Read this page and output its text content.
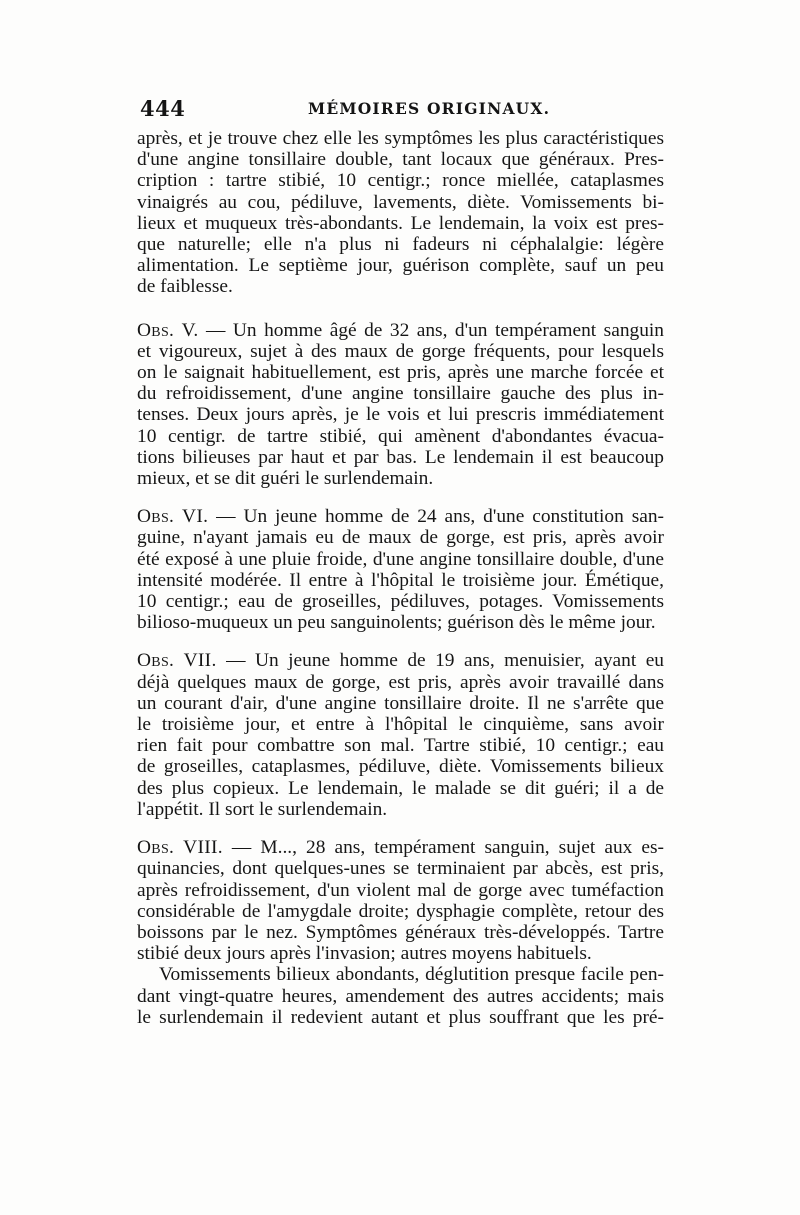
444	MÉMOIRES ORIGINAUX.

après, et je trouve chez elle les symptômes les plus caractéristiques
d'une angine tonsillaire double, tant locaux que généraux. Pres-
cription : tartre stibié, 10 centigr.; ronce miellée, cataplasmes
vinaigrés au cou, pédiluve, lavements, diète. Vomissements bi-
lieux et muqueux très-abondants. Le lendemain, la voix est pres-
que naturelle; elle n'a plus ni fadeurs ni céphalalgie: légère
alimentation. Le septième jour, guérison complète, sauf un peu
de faiblesse.

Obs. V. — Un homme âgé de 32 ans, d'un tempérament sanguin
et vigoureux, sujet à des maux de gorge fréquents, pour lesquels
on le saignait habituellement, est pris, après une marche forcée et
du refroidissement, d'une angine tonsillaire gauche des plus in-
tenses. Deux jours après, je le vois et lui prescris immédiatement
10 centigr. de tartre stibié, qui amènent d'abondantes évacua-
tions bilieuses par haut et par bas. Le lendemain il est beaucoup
mieux, et se dit guéri le surlendemain.

Obs. VI. — Un jeune homme de 24 ans, d'une constitution san-
guine, n'ayant jamais eu de maux de gorge, est pris, après avoir
été exposé à une pluie froide, d'une angine tonsillaire double, d'une
intensité modérée. Il entre à l'hôpital le troisième jour. Émétique,
10 centigr.; eau de groseilles, pédiluves, potages. Vomissements
bilioso-muqueux un peu sanguinolents; guérison dès le même jour.

Obs. VII. — Un jeune homme de 19 ans, menuisier, ayant eu
déjà quelques maux de gorge, est pris, après avoir travaillé dans
un courant d'air, d'une angine tonsillaire droite. Il ne s'arrête que
le troisième jour, et entre à l'hôpital le cinquième, sans avoir
rien fait pour combattre son mal. Tartre stibié, 10 centigr.; eau
de groseilles, cataplasmes, pédiluve, diète. Vomissements bilieux
des plus copieux. Le lendemain, le malade se dit guéri; il a de
l'appétit. Il sort le surlendemain.

Obs. VIII. — M..., 28 ans, tempérament sanguin, sujet aux es-
quinancies, dont quelques-unes se terminaient par abcès, est pris,
après refroidissement, d'un violent mal de gorge avec tuméfaction
considérable de l'amygdale droite; dysphagie complète, retour des
boissons par le nez. Symptômes généraux très-développés. Tartre
stibié deux jours après l'invasion; autres moyens habituels.

Vomissements bilieux abondants, déglutition presque facile pen-
dant vingt-quatre heures, amendement des autres accidents; mais
le surlendemain il redevient autant et plus souffrant que les pré-
